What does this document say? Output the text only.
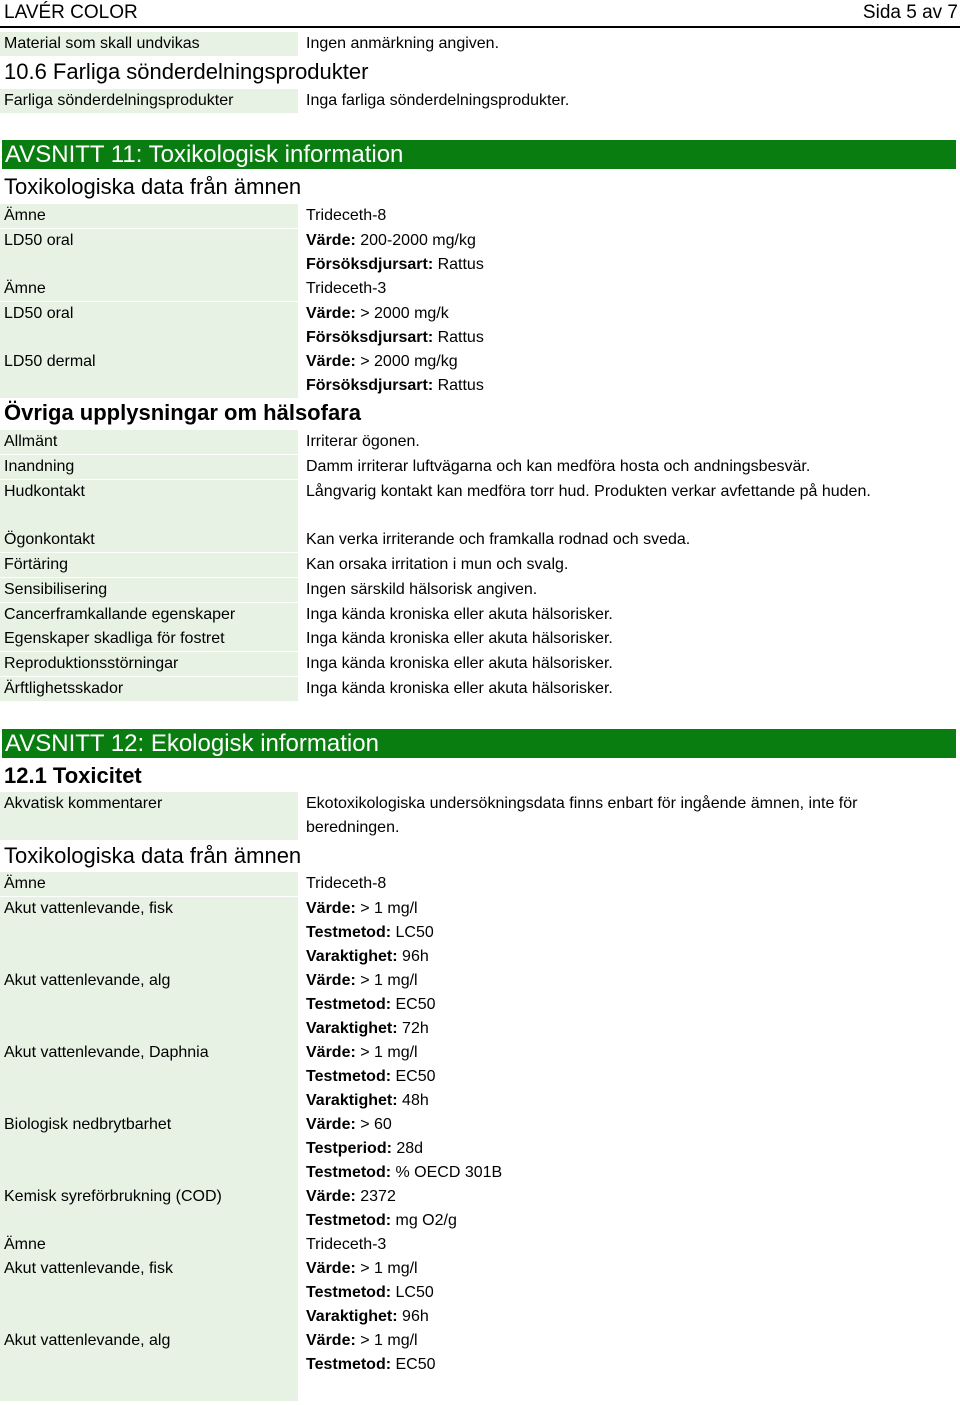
LAVÉR COLOR	Sida 5 av 7
Material som skall undvikas	Ingen anmärkning angiven.
10.6 Farliga sönderdelningsprodukter
Farliga sönderdelningsprodukter	Inga farliga sönderdelningsprodukter.
AVSNITT 11: Toxikologisk information
Toxikologiska data från ämnen
Ämne	Trideceth-8
LD50 oral	Värde: 200-2000 mg/kg
Försöksdjursart: Rattus
Ämne	Trideceth-3
LD50 oral	Värde: > 2000 mg/k
Försöksdjursart: Rattus
LD50 dermal	Värde: > 2000 mg/kg
Försöksdjursart: Rattus
Övriga upplysningar om hälsofara
Allmänt	Irriterar ögonen.
Inandning	Damm irriterar luftvägarna och kan medföra hosta och andningsbesvär.
Hudkontakt	Långvarig kontakt kan medföra torr hud. Produkten verkar avfettande på huden.
Ögonkontakt	Kan verka irriterande och framkalla rodnad och sveda.
Förtäring	Kan orsaka irritation i mun och svalg.
Sensibilisering	Ingen särskild hälsorisk angiven.
Cancerframkallande egenskaper	Inga kända kroniska eller akuta hälsorisker.
Egenskaper skadliga för fostret	Inga kända kroniska eller akuta hälsorisker.
Reproduktionsstörningar	Inga kända kroniska eller akuta hälsorisker.
Ärftlighetsskador	Inga kända kroniska eller akuta hälsorisker.
AVSNITT 12: Ekologisk information
12.1 Toxicitet
Akvatisk kommentarer	Ekotoxikologiska undersökningsdata finns enbart för ingående ämnen, inte för beredningen.
Toxikologiska data från ämnen
Ämne	Trideceth-8
Akut vattenlevande, fisk	Värde: > 1 mg/l
Testmetod: LC50
Varaktighet: 96h
Akut vattenlevande, alg	Värde: > 1 mg/l
Testmetod: EC50
Varaktighet: 72h
Akut vattenlevande, Daphnia	Värde: > 1 mg/l
Testmetod: EC50
Varaktighet: 48h
Biologisk nedbrytbarhet	Värde: > 60
Testperiod: 28d
Testmetod: % OECD 301B
Kemisk syreförbrukning (COD)	Värde: 2372
Testmetod: mg O2/g
Ämne	Trideceth-3
Akut vattenlevande, fisk	Värde: > 1 mg/l
Testmetod: LC50
Varaktighet: 96h
Akut vattenlevande, alg	Värde: > 1 mg/l
Testmetod: EC50
